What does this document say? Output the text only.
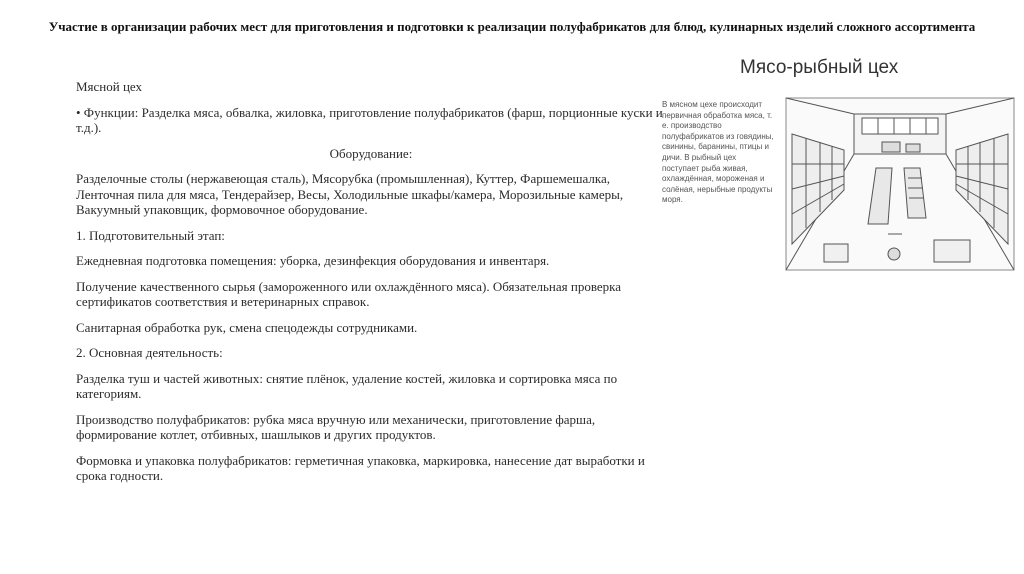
Участие в организации рабочих мест для приготовления и подготовки к реализации полуфабрикатов для блюд, кулинарных изделий сложного ассортимента

Мясной цех

• Функции: Разделка мяса, обвалка, жиловка, приготовление полуфабрикатов (фарш, порционные куски и т.д.).

Оборудование:

Разделочные столы (нержавеющая сталь), Мясорубка (промышленная), Куттер, Фаршемешалка, Ленточная пила для мяса, Тендерайзер, Весы, Холодильные шкафы/камера, Морозильные камеры, Вакуумный упаковщик, формовочное оборудование.

1. Подготовительный этап:

Ежедневная подготовка помещения: уборка, дезинфекция оборудования и инвентаря.

Получение качественного сырья (замороженного или охлаждённого мяса). Обязательная проверка сертификатов соответствия и ветеринарных справок.

Санитарная обработка рук, смена спецодежды сотрудниками.

2. Основная деятельность:

Разделка туш и частей животных: снятие плёнок, удаление костей, жиловка и сортировка мяса по категориям.

Производство полуфабрикатов: рубка мяса вручную или механически, приготовление фарша, формирование котлет, отбивных, шашлыков и других продуктов.

Формовка и упаковка полуфабрикатов: герметичная упаковка, маркировка, нанесение дат выработки и срока годности.

Мясо-рыбный цех
В мясном цехе происходит первичная обработка мяса, т. е. производство полуфабрикатов из говядины, свинины, баранины, птицы и дичи. В рыбный цех поступает рыба живая, охлаждённая, мороженая и солёная, нерыбные продукты моря.
